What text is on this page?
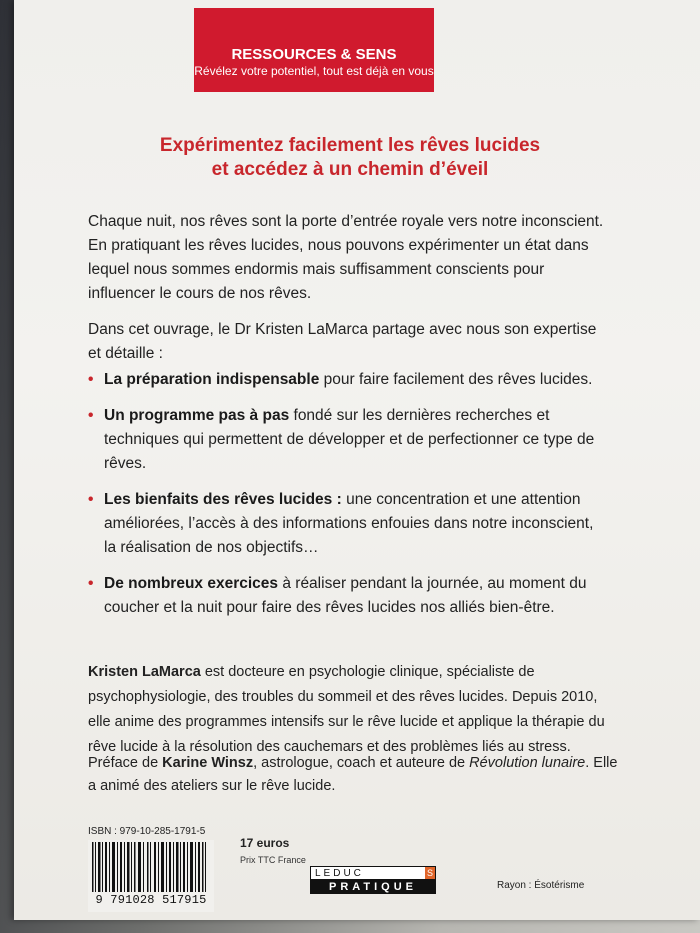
RESSOURCES & SENS
Révélez votre potentiel, tout est déjà en vous
Expérimentez facilement les rêves lucides
et accédez à un chemin d’éveil
Chaque nuit, nos rêves sont la porte d’entrée royale vers notre inconscient. En pratiquant les rêves lucides, nous pouvons expérimenter un état dans lequel nous sommes endormis mais suffisamment conscients pour influencer le cours de nos rêves.
Dans cet ouvrage, le Dr Kristen LaMarca partage avec nous son expertise et détaille :
• La préparation indispensable pour faire facilement des rêves lucides.
• Un programme pas à pas fondé sur les dernières recherches et techniques qui permettent de développer et de perfectionner ce type de rêves.
• Les bienfaits des rêves lucides : une concentration et une attention améliorées, l’accès à des informations enfouies dans notre inconscient, la réalisation de nos objectifs…
• De nombreux exercices à réaliser pendant la journée, au moment du coucher et la nuit pour faire des rêves lucides nos alliés bien-être.
Kristen LaMarca est docteure en psychologie clinique, spécialiste de psychophysiologie, des troubles du sommeil et des rêves lucides. Depuis 2010, elle anime des programmes intensifs sur le rêve lucide et applique la thérapie du rêve lucide à la résolution des cauchemars et des problèmes liés au stress.
Préface de Karine Winsz, astrologue, coach et auteure de Révolution lunaire. Elle a animé des ateliers sur le rêve lucide.
ISBN : 979-10-285-1791-5
9 791028 517915
17 euros
Prix TTC France
LEDUC	S
PRATIQUE	Rayon : Ésotérisme
